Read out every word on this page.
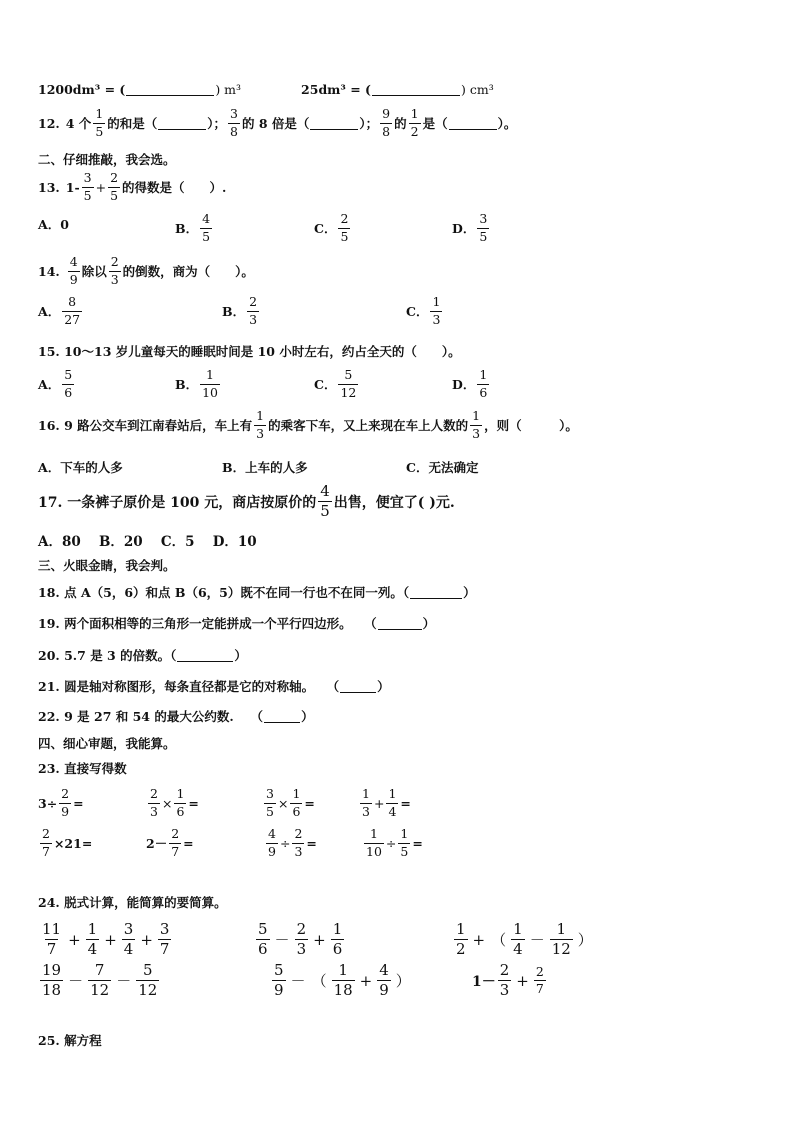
1200dm³ = (	) m³	25dm³ = (	) cm³
12. 4 个 $\frac{1}{5}$ 的和是（	）； $\frac{3}{8}$ 的 8 倍是（	）； $\frac{9}{8}$ 的 $\frac{1}{2}$ 是（	）。
二、仔细推敲，我会选。
13. $1- \frac{3}{5} + \frac{2}{5}$ 的得数是（　　）.
A．0	B． $\frac{4}{5}$	C． $\frac{2}{5}$	D． $\frac{3}{5}$
14. $\frac{4}{9}$ 除以 $\frac{2}{3}$ 的倒数，商为（　　）。
A． $\frac{8}{27}$	B． $\frac{2}{3}$	C． $\frac{1}{3}$
15. 10～13 岁儿童每天的睡眠时间是 10 小时左右，约占全天的（　　）。
A． $\frac{5}{6}$	B． $\frac{1}{10}$	C． $\frac{5}{12}$	D． $\frac{1}{6}$
16. 9 路公交车到江南春站后，车上有 $\frac{1}{3}$ 的乘客下车，又上来现在车上人数的 $\frac{1}{3}$ ，则（　　　）。
A．下车的人多	B．上车的人多	C．无法确定
17. 一条裤子原价是 100 元，商店按原价的 $\frac{4}{5}$ 出售，便宜了( )元.
A．80　 B．20　 C．5　 D．10
三、火眼金睛，我会判。
18. 点 A（5，6）和点 B（6，5）既不在同一行也不在同一列。（	）
19. 两个面积相等的三角形一定能拼成一个平行四边形。　　（	）
20. 5.7 是 3 的倍数。（	）
21. 圆是轴对称图形，每条直径都是它的对称轴。　　（	）
22. 9 是 27 和 54 的最大公约数.　 （	）
四、细心审题，我能算。
23. 直接写得数
$3\div \frac{2}{9}$ =	$\frac{2}{3} \times \frac{1}{6}$ =	$\frac{3}{5} \times \frac{1}{6}$ =	$\frac{1}{3} + \frac{1}{4}$ =
$\frac{2}{7} \times 21=$	$2- \frac{2}{7}$ =	$\frac{4}{9} \div \frac{2}{3}$ =	$\frac{1}{10} \div \frac{1}{5}$ =
24. 脱式计算，能简算的要简算。
$\frac{11}{7} + \frac{1}{4} + \frac{3}{4} + \frac{3}{7}$	$\frac{5}{6} - \frac{2}{3} + \frac{1}{6}$	$\frac{1}{2}$ + （ $\frac{1}{4} - \frac{1}{12}$ ）
$\frac{19}{18} - \frac{7}{12} - \frac{5}{12}$	$\frac{5}{9}$ － （ $\frac{1}{18} + \frac{4}{9}$ ）	$1- \frac{2}{3} + \frac{2}{7}$
25. 解方程
